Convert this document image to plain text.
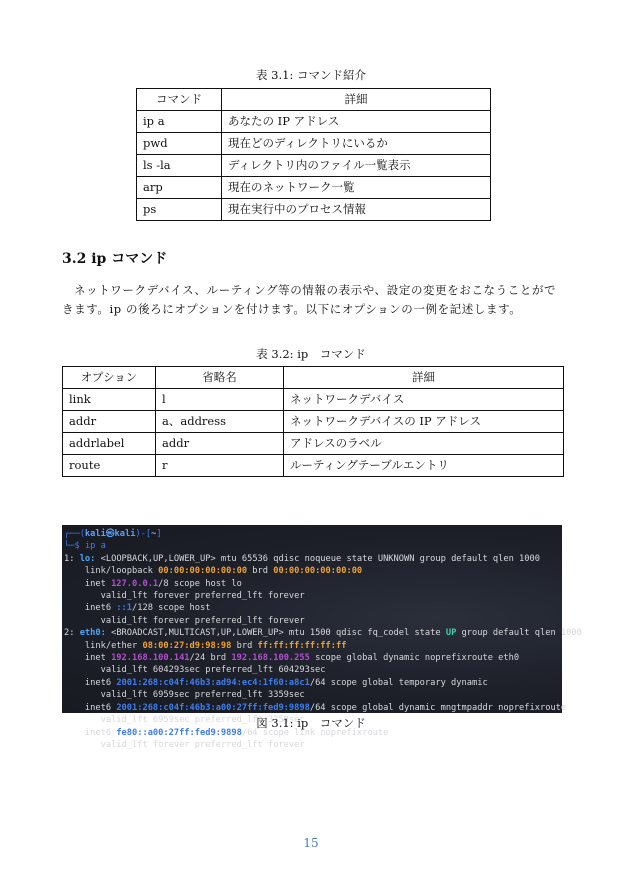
表 3.1: コマンド紹介
コマンド	詳細
ip a	あなたの IP アドレス
pwd	現在どのディレクトリにいるか
ls -la	ディレクトリ内のファイル一覧表示
arp	現在のネットワーク一覧
ps	現在実行中のプロセス情報
3.2 ip コマンド
ネットワークデバイス、ルーティング等の情報の表示や、設定の変更をおこなうことができます。ip の後ろにオプションを付けます。以下にオプションの一例を記述します。
表 3.2: ip　コマンド
オプション	省略名	詳細
link	l	ネットワークデバイス
addr	a、address	ネットワークデバイスの IP アドレス
addrlabel	addr	アドレスのラベル
route	r	ルーティングテーブルエントリ
┌──(kali㉿kali)-[~]
└─$ ip a
1: lo: <LOOPBACK,UP,LOWER_UP> mtu 65536 qdisc noqueue state UNKNOWN group default qlen 1000
link/loopback 00:00:00:00:00:00 brd 00:00:00:00:00:00
inet 127.0.0.1/8 scope host lo
valid_lft forever preferred_lft forever
inet6 ::1/128 scope host
valid_lft forever preferred_lft forever
2: eth0: <BROADCAST,MULTICAST,UP,LOWER_UP> mtu 1500 qdisc fq_codel state UP group default qlen 1000
link/ether 08:00:27:d9:98:98 brd ff:ff:ff:ff:ff:ff
inet 192.168.100.141/24 brd 192.168.100.255 scope global dynamic noprefixroute eth0
valid_lft 604293sec preferred_lft 604293sec
inet6 2001:268:c04f:46b3:ad94:ec4:1f60:a8c1/64 scope global temporary dynamic
valid_lft 6959sec preferred_lft 3359sec
inet6 2001:268:c04f:46b3:a00:27ff:fed9:9898/64 scope global dynamic mngtmpaddr noprefixroute
valid_lft 6959sec preferred_lft 3359sec
inet6 fe80::a00:27ff:fed9:9898/64 scope link noprefixroute
valid_lft forever preferred_lft forever
図 3.1: ip　コマンド
15
